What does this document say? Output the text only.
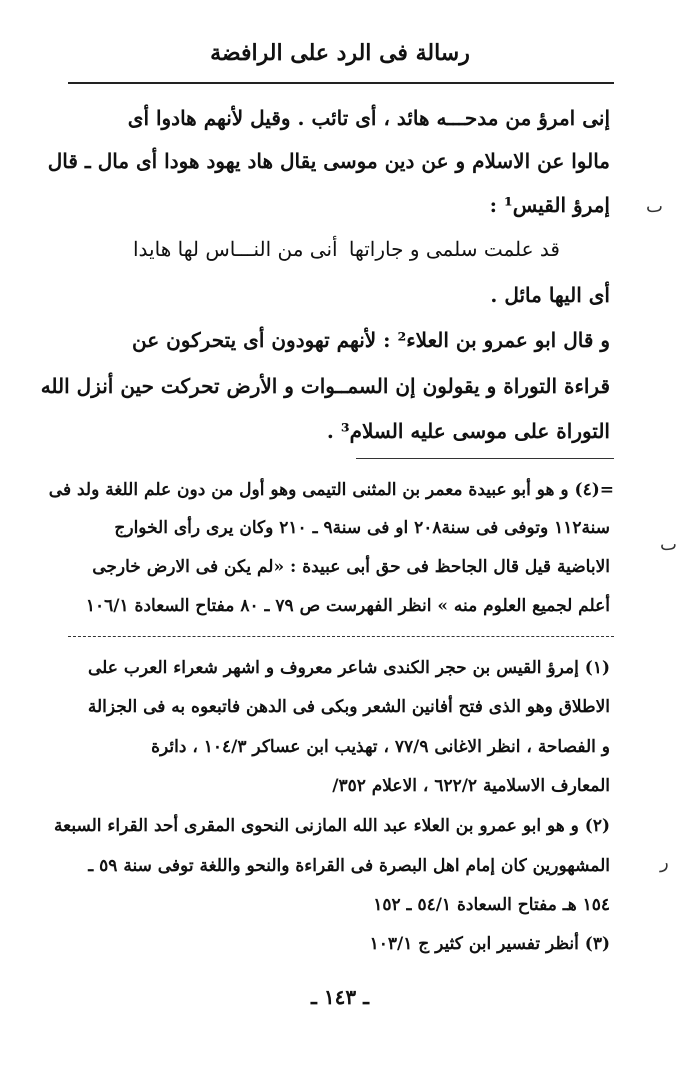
رسالة فى الرد على الرافضة
إنى امرؤ من مدحـــه هائد ، أى تائب . وقيل لأنهم هادوا أى
مالوا عن الاسلام و عن دين موسى يقال هاد يهود هودا أى مال ـ قال
إمرؤ القيس¹ :
قد علمت سلمى و جاراتها
أنى من النـــاس لها هايدا
أى اليها مائل .
و قال ابو عمرو بن العلاء² : لأنهم تهودون أى يتحركون عن
قراءة التوراة و يقولون إن السمــوات و الأرض تحركت حين أنزل الله
التوراة على موسى عليه السلام³ .
=(٤) و هو أبو عبيدة معمر بن المثنى التيمى وهو أول من دون علم اللغة ولد فى
سنة١١٢ وتوفى فى سنة٢٠٨ او فى سنة٩ ـ ٢١٠ وكان يرى رأى الخوارج
الاباضية قيل قال الجاحظ فى حق أبى عبيدة : «لم يكن فى الارض خارجى
أعلم لجميع العلوم منه » انظر الفهرست ص ٧٩ ـ ٨٠ مفتاح السعادة ١٠٦/١
(١) إمرؤ القيس بن حجر الكندى شاعر معروف و اشهر شعراء العرب على
الاطلاق وهو الذى فتح أفانين الشعر وبكى فى الدهن فاتبعوه به فى الجزالة
و الفصاحة ، انظر الاغانى ٧٧/٩ ، تهذيب ابن عساكر ١٠٤/٣ ، دائرة
المعارف الاسلامية ٦٢٢/٢ ، الاعلام ٣٥٢/
(٢) و هو ابو عمرو بن العلاء عبد الله المازنى النحوى المقرى أحد القراء السبعة
المشهورين كان إمام اهل البصرة فى القراءة والنحو واللغة توفى سنة ٥٩ ـ
١٥٤ هـ مفتاح السعادة ٥٤/١ ـ ١٥٢
(٣) أنظر تفسير ابن كثير ج ١٠٣/١
ـ ١٤٣ ـ
ٮ
ٮ
ر
